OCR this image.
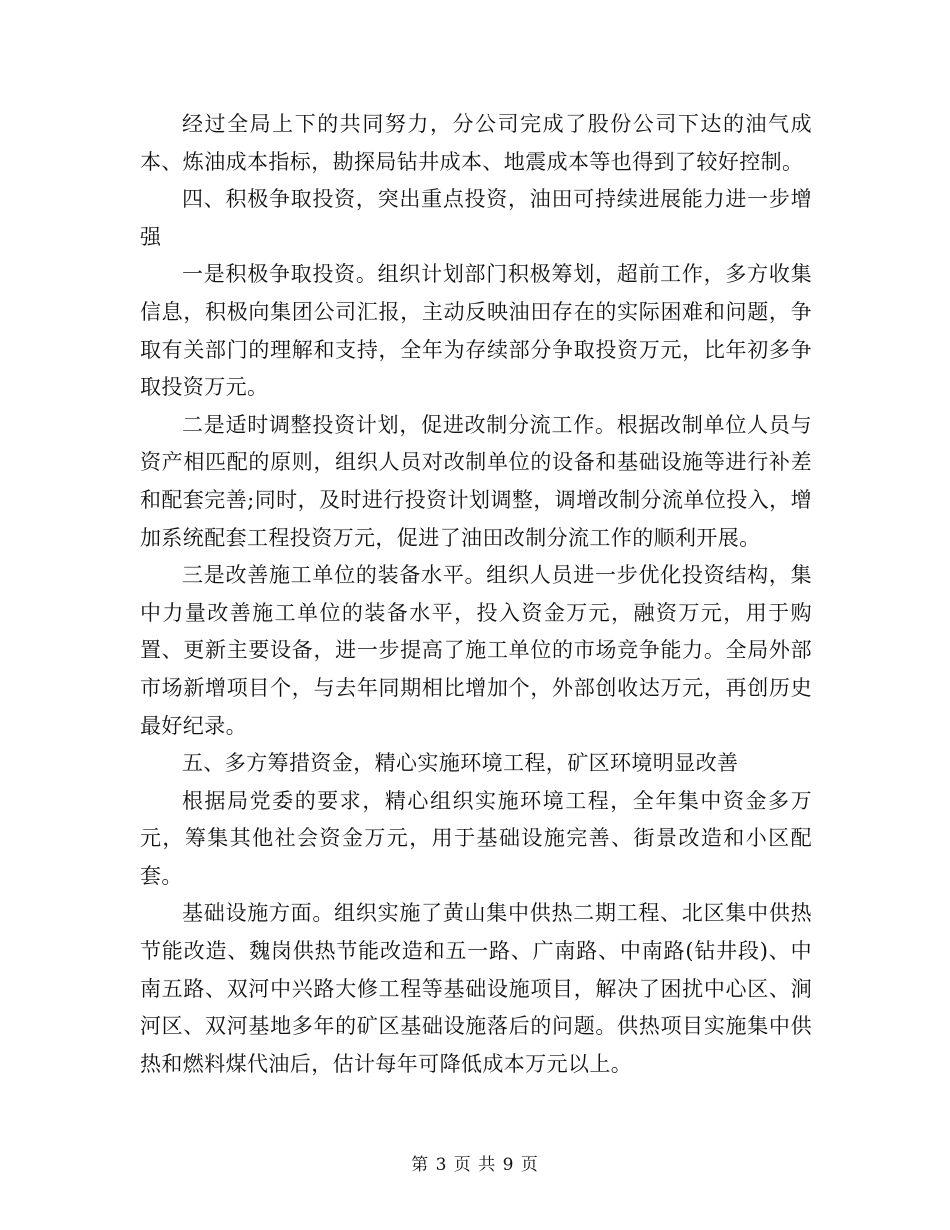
经过全局上下的共同努力，分公司完成了股份公司下达的油气成本、炼油成本指标，勘探局钻井成本、地震成本等也得到了较好控制。

四、积极争取投资，突出重点投资，油田可持续进展能力进一步增强

一是积极争取投资。组织计划部门积极筹划，超前工作，多方收集信息，积极向集团公司汇报，主动反映油田存在的实际困难和问题，争取有关部门的理解和支持，全年为存续部分争取投资万元，比年初多争取投资万元。

二是适时调整投资计划，促进改制分流工作。根据改制单位人员与资产相匹配的原则，组织人员对改制单位的设备和基础设施等进行补差和配套完善;同时，及时进行投资计划调整，调增改制分流单位投入，增加系统配套工程投资万元，促进了油田改制分流工作的顺利开展。

三是改善施工单位的装备水平。组织人员进一步优化投资结构，集中力量改善施工单位的装备水平，投入资金万元，融资万元，用于购置、更新主要设备，进一步提高了施工单位的市场竞争能力。全局外部市场新增项目个，与去年同期相比增加个，外部创收达万元，再创历史最好纪录。

五、多方筹措资金，精心实施环境工程，矿区环境明显改善

根据局党委的要求，精心组织实施环境工程，全年集中资金多万元，筹集其他社会资金万元，用于基础设施完善、街景改造和小区配套。

基础设施方面。组织实施了黄山集中供热二期工程、北区集中供热节能改造、魏岗供热节能改造和五一路、广南路、中南路(钻井段)、中南五路、双河中兴路大修工程等基础设施项目，解决了困扰中心区、涧河区、双河基地多年的矿区基础设施落后的问题。供热项目实施集中供热和燃料煤代油后，估计每年可降低成本万元以上。

第 3 页 共 9 页
